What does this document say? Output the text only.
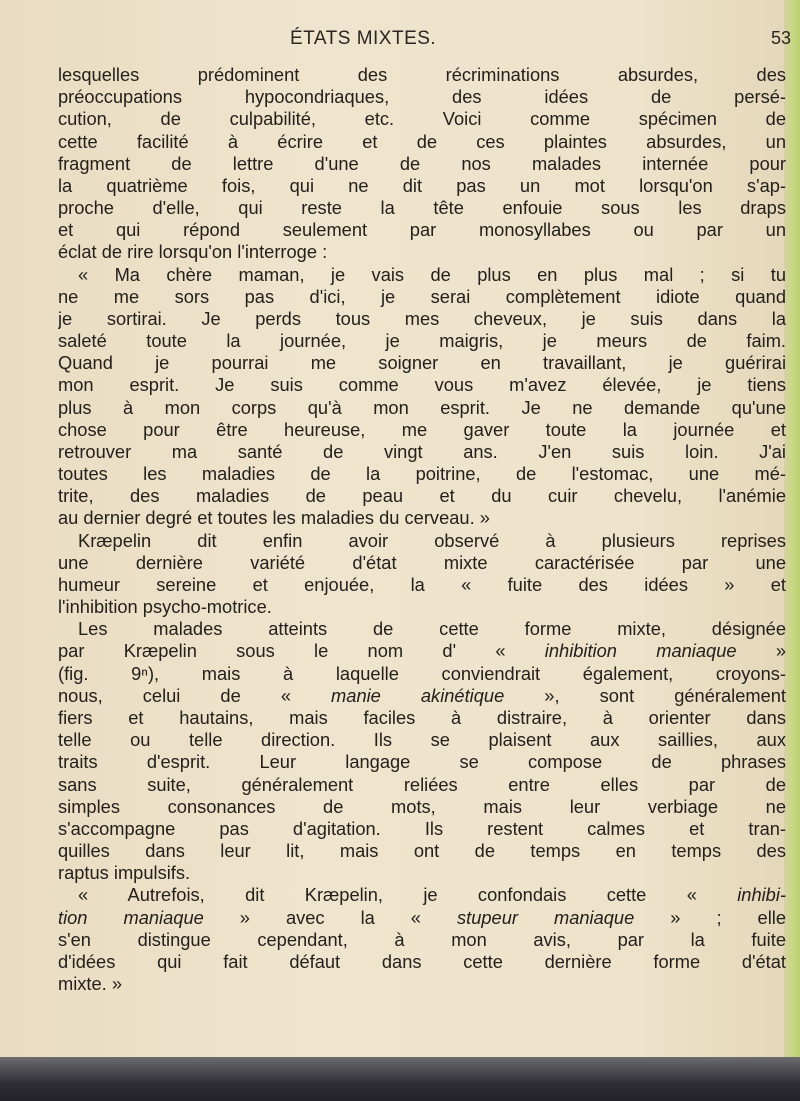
ÉTATS MIXTES.	53
lesquelles prédominent des récriminations absurdes, des
préoccupations hypocondriaques, des idées de persé-
cution, de culpabilité, etc. Voici comme spécimen de
cette facilité à écrire et de ces plaintes absurdes, un
fragment de lettre d'une de nos malades internée pour
la quatrième fois, qui ne dit pas un mot lorsqu'on s'ap-
proche d'elle, qui reste la tête enfouie sous les draps
et qui répond seulement par monosyllabes ou par un
éclat de rire lorsqu'on l'interroge :
« Ma chère maman, je vais de plus en plus mal ; si tu
ne me sors pas d'ici, je serai complètement idiote quand
je sortirai. Je perds tous mes cheveux, je suis dans la
saleté toute la journée, je maigris, je meurs de faim.
Quand je pourrai me soigner en travaillant, je guérirai
mon esprit. Je suis comme vous m'avez élevée, je tiens
plus à mon corps qu'à mon esprit. Je ne demande qu'une
chose pour être heureuse, me gaver toute la journée et
retrouver ma santé de vingt ans. J'en suis loin. J'ai
toutes les maladies de la poitrine, de l'estomac, une mé-
trite, des maladies de peau et du cuir chevelu, l'anémie
au dernier degré et toutes les maladies du cerveau. »
Kræpelin dit enfin avoir observé à plusieurs reprises
une dernière variété d'état mixte caractérisée par une
humeur sereine et enjouée, la « fuite des idées » et
l'inhibition psycho-motrice.
Les malades atteints de cette forme mixte, désignée
par Kræpelin sous le nom d' « inhibition maniaque »
(fig. 9ⁿ), mais à laquelle conviendrait également, croyons-
nous, celui de « manie akinétique », sont généralement
fiers et hautains, mais faciles à distraire, à orienter dans
telle ou telle direction. Ils se plaisent aux saillies, aux
traits d'esprit. Leur langage se compose de phrases
sans suite, généralement reliées entre elles par de
simples consonances de mots, mais leur verbiage ne
s'accompagne pas d'agitation. Ils restent calmes et tran-
quilles dans leur lit, mais ont de temps en temps des
raptus impulsifs.
« Autrefois, dit Kræpelin, je confondais cette « inhibi-
tion maniaque » avec la « stupeur maniaque » ; elle
s'en distingue cependant, à mon avis, par la fuite
d'idées qui fait défaut dans cette dernière forme d'état
mixte. »
